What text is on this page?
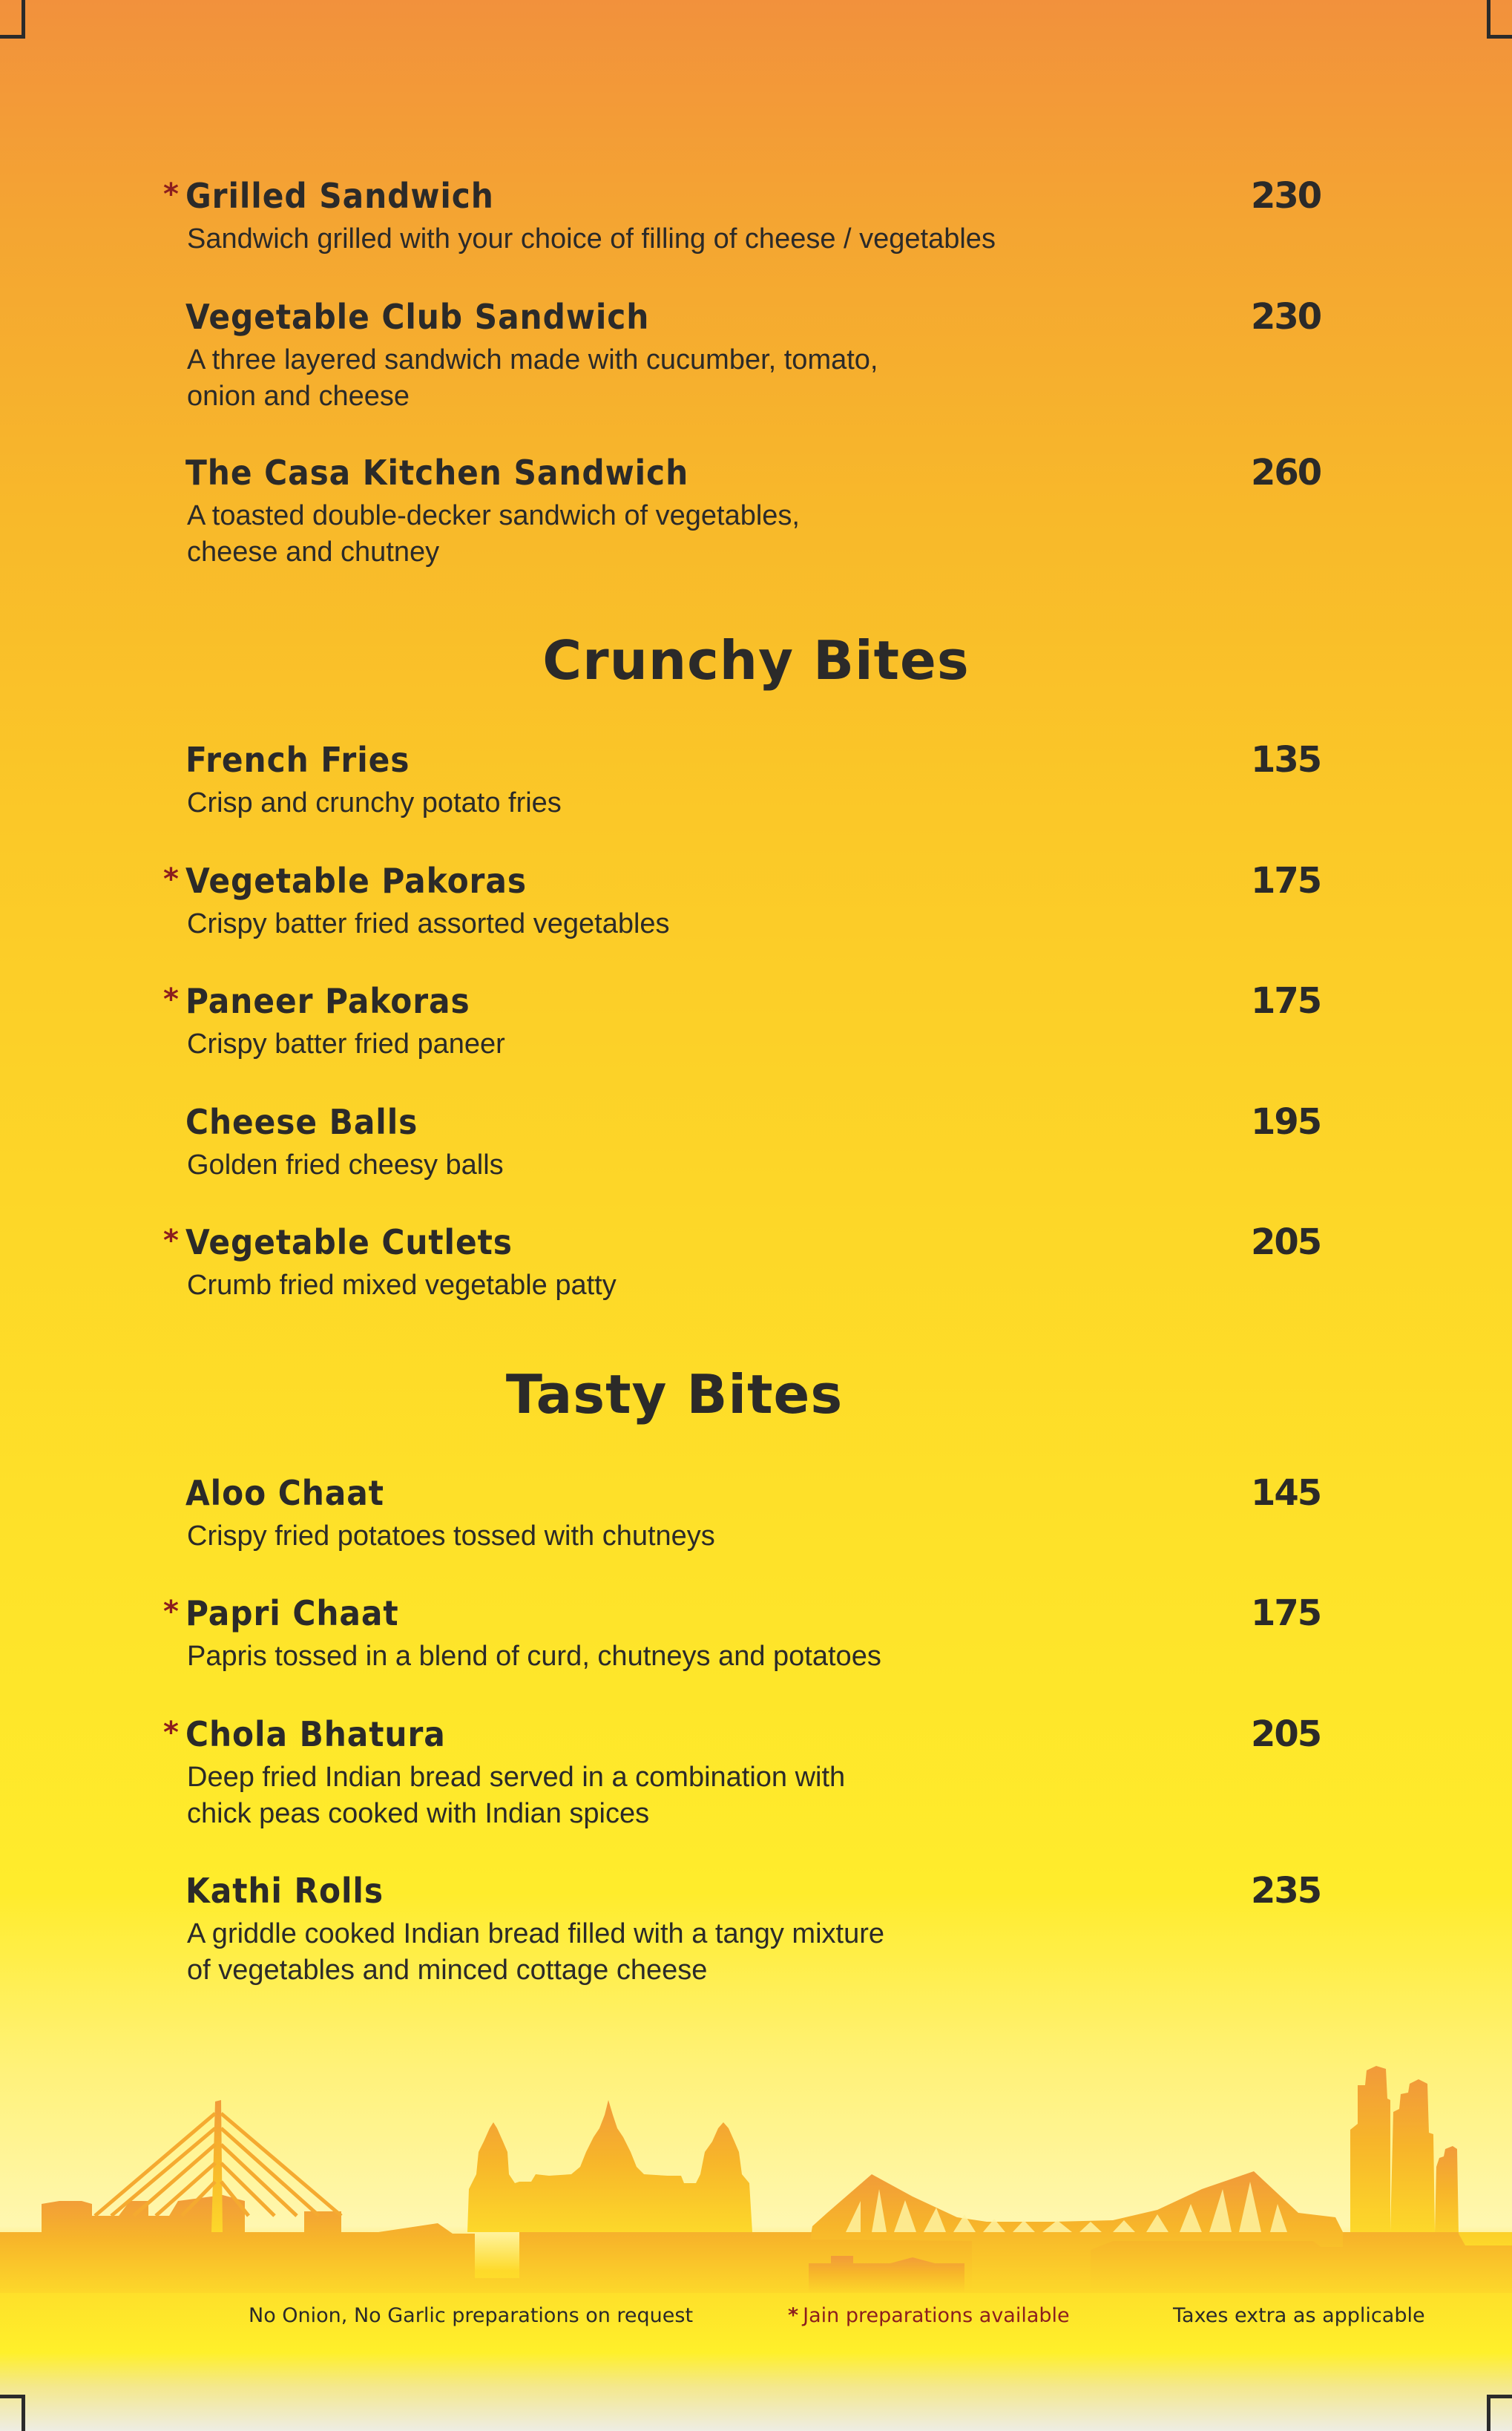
* Grilled Sandwich	230
Sandwich grilled with your choice of filling of cheese / vegetables
Vegetable Club Sandwich	230
A three layered sandwich made with cucumber, tomato,
onion and cheese
The Casa Kitchen Sandwich	260
A toasted double-decker sandwich of vegetables,
cheese and chutney
Crunchy Bites
French Fries	135
Crisp and crunchy potato fries
* Vegetable Pakoras	175
Crispy batter fried assorted vegetables
* Paneer Pakoras	175
Crispy batter fried paneer
Cheese Balls	195
Golden fried cheesy balls
* Vegetable Cutlets	205
Crumb fried mixed vegetable patty
Tasty Bites
Aloo Chaat	145
Crispy fried potatoes tossed with chutneys
* Papri Chaat	175
Papris tossed in a blend of curd, chutneys and potatoes
* Chola Bhatura	205
Deep fried Indian bread served in a combination with
chick peas cooked with Indian spices
Kathi Rolls	235
A griddle cooked Indian bread filled with a tangy mixture
of vegetables and minced cottage cheese
No Onion, No Garlic preparations on request	* Jain preparations available	Taxes extra as applicable
